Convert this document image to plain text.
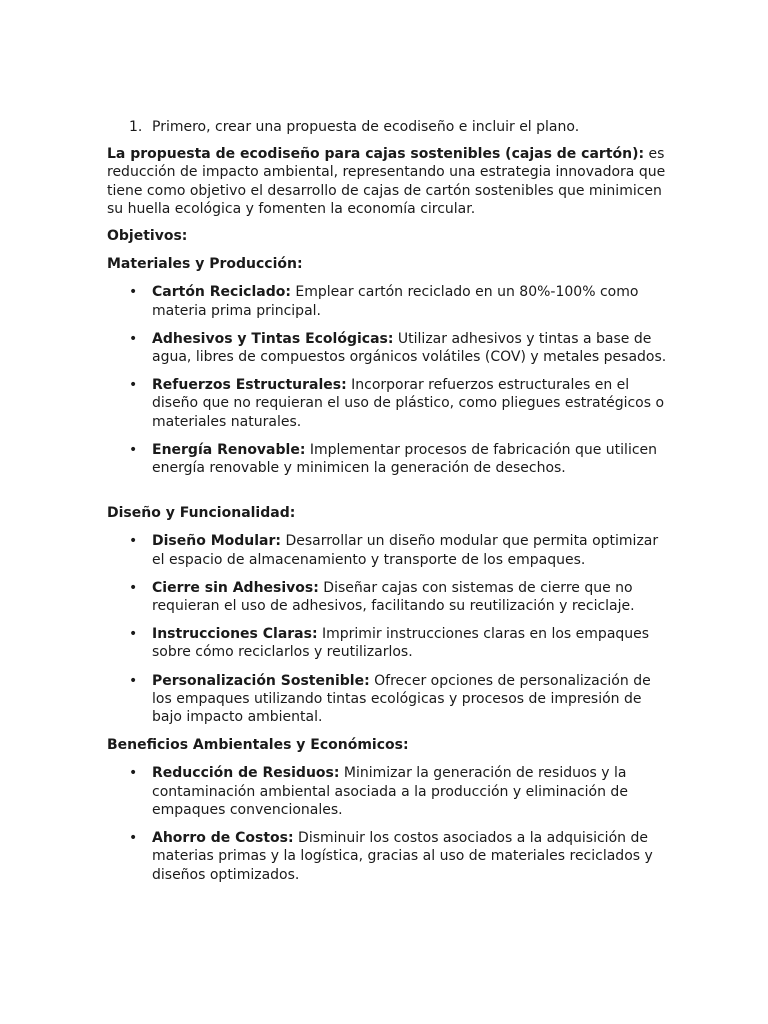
1. Primero, crear una propuesta de ecodiseño e incluir el plano.

La propuesta de ecodiseño para cajas sostenibles (cajas de cartón): es reducción de impacto ambiental, representando una estrategia innovadora que tiene como objetivo el desarrollo de cajas de cartón sostenibles que minimicen su huella ecológica y fomenten la economía circular.

Objetivos:

Materiales y Producción:

• Cartón Reciclado: Emplear cartón reciclado en un 80%-100% como materia prima principal.
• Adhesivos y Tintas Ecológicas: Utilizar adhesivos y tintas a base de agua, libres de compuestos orgánicos volátiles (COV) y metales pesados.
• Refuerzos Estructurales: Incorporar refuerzos estructurales en el diseño que no requieran el uso de plástico, como pliegues estratégicos o materiales naturales.
• Energía Renovable: Implementar procesos de fabricación que utilicen energía renovable y minimicen la generación de desechos.

Diseño y Funcionalidad:

• Diseño Modular: Desarrollar un diseño modular que permita optimizar el espacio de almacenamiento y transporte de los empaques.
• Cierre sin Adhesivos: Diseñar cajas con sistemas de cierre que no requieran el uso de adhesivos, facilitando su reutilización y reciclaje.
• Instrucciones Claras: Imprimir instrucciones claras en los empaques sobre cómo reciclarlos y reutilizarlos.
• Personalización Sostenible: Ofrecer opciones de personalización de los empaques utilizando tintas ecológicas y procesos de impresión de bajo impacto ambiental.

Beneficios Ambientales y Económicos:

• Reducción de Residuos: Minimizar la generación de residuos y la contaminación ambiental asociada a la producción y eliminación de empaques convencionales.
• Ahorro de Costos: Disminuir los costos asociados a la adquisición de materias primas y la logística, gracias al uso de materiales reciclados y diseños optimizados.
